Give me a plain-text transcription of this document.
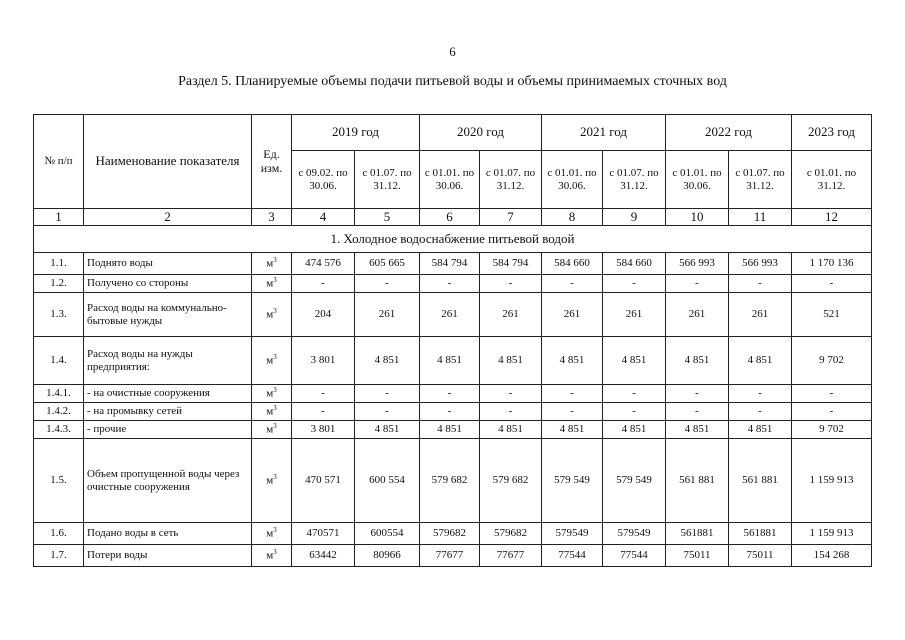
6
Раздел 5. Планируемые объемы подачи питьевой воды и объемы принимаемых сточных вод
№ п/п	Наименование показателя	Ед. изм.	2019 год		2020 год		2021 год		2022 год		2023 год
			с 09.02. по 30.06.	с 01.07. по 31.12.	с 01.01. по 30.06.	с 01.07. по 31.12.	с 01.01. по 30.06.	с 01.07. по 31.12.	с 01.01. по 30.06.	с 01.07. по 31.12.	с 01.01. по 31.12.
1	2	3	4	5	6	7	8	9	10	11	12
1. Холодное водоснабжение питьевой водой											
1.1.	Поднято воды	$м^3$	474 576	605 665	584 794	584 794	584 660	584 660	566 993	566 993	1 170 136
1.2.	Получено со стороны	$м^3$	-	-	-	-	-	-	-	-	-
1.3.	Расход воды на коммунально-бытовые нужды	$м^3$	204	261	261	261	261	261	261	261	521
1.4.	Расход воды на нужды предприятия:	$м^3$	3 801	4 851	4 851	4 851	4 851	4 851	4 851	4 851	9 702
1.4.1.	- на очистные сооружения	$м^3$	-	-	-	-	-	-	-	-	-
1.4.2.	- на промывку сетей	$м^3$	-	-	-	-	-	-	-	-	-
1.4.3.	- прочие	$м^3$	3 801	4 851	4 851	4 851	4 851	4 851	4 851	4 851	9 702
1.5.	Объем пропущенной воды через очистные сооружения	$м^3$	470 571	600 554	579 682	579 682	579 549	579 549	561 881	561 881	1 159 913
1.6.	Подано воды в сеть	$м^3$	470571	600554	579682	579682	579549	579549	561881	561881	1 159 913
1.7.	Потери воды	$м^3$	63442	80966	77677	77677	77544	77544	75011	75011	154 268
